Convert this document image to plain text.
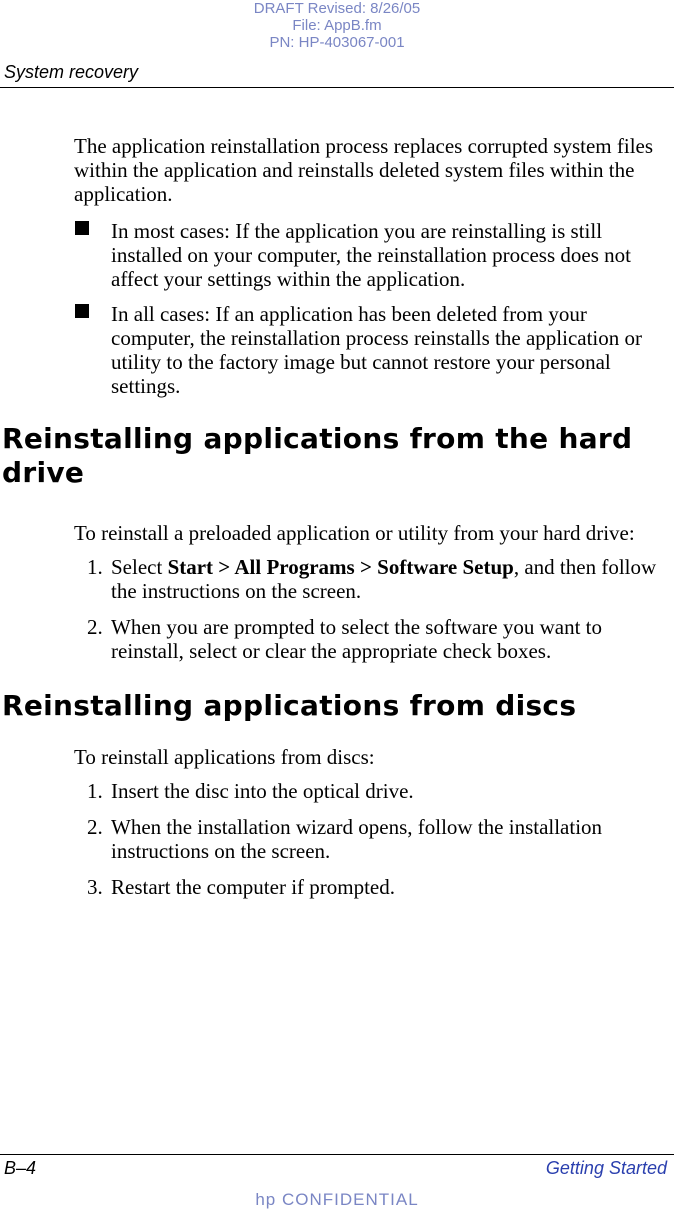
DRAFT Revised: 8/26/05
File: AppB.fm
PN: HP-403067-001
System recovery

The application reinstallation process replaces corrupted system files within the application and reinstalls deleted system files within the application.

In most cases: If the application you are reinstalling is still installed on your computer, the reinstallation process does not affect your settings within the application.
In all cases: If an application has been deleted from your computer, the reinstallation process reinstalls the application or utility to the factory image but cannot restore your personal settings.
Reinstalling applications from the hard drive

To reinstall a preloaded application or utility from your hard drive:

1. Select Start > All Programs > Software Setup, and then follow the instructions on the screen.
2. When you are prompted to select the software you want to reinstall, select or clear the appropriate check boxes.
Reinstalling applications from discs

To reinstall applications from discs:

1. Insert the disc into the optical drive.
2. When the installation wizard opens, follow the installation instructions on the screen.
3. Restart the computer if prompted.
B–4	Getting Started
hp CONFIDENTIAL
